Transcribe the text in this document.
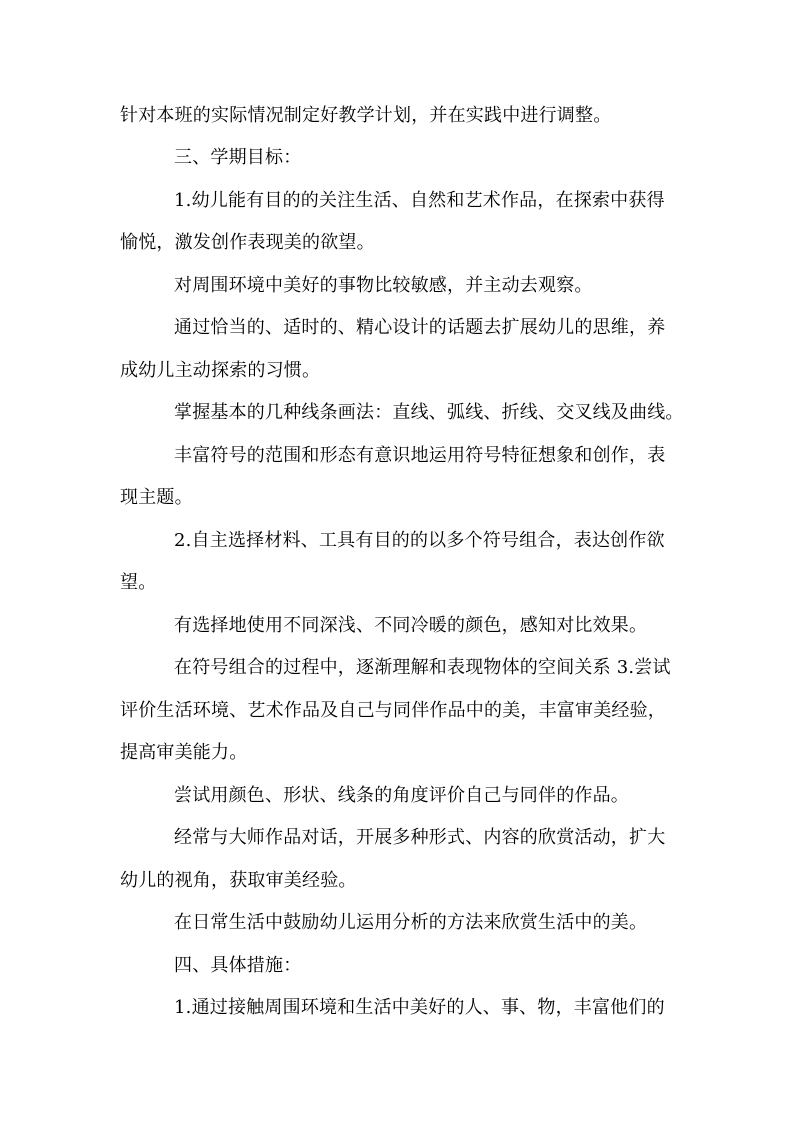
针对本班的实际情况制定好教学计划，并在实践中进行调整。
三、学期目标：
1.幼儿能有目的的关注生活、自然和艺术作品，在探索中获得
愉悦，激发创作表现美的欲望。
对周围环境中美好的事物比较敏感，并主动去观察。
通过恰当的、适时的、精心设计的话题去扩展幼儿的思维，养
成幼儿主动探索的习惯。
掌握基本的几种线条画法：直线、弧线、折线、交叉线及曲线。
丰富符号的范围和形态有意识地运用符号特征想象和创作，表
现主题。
2.自主选择材料、工具有目的的以多个符号组合，表达创作欲
望。
有选择地使用不同深浅、不同冷暖的颜色，感知对比效果。
在符号组合的过程中，逐渐理解和表现物体的空间关系 3.尝试
评价生活环境、艺术作品及自己与同伴作品中的美，丰富审美经验，
提高审美能力。
尝试用颜色、形状、线条的角度评价自己与同伴的作品。
经常与大师作品对话，开展多种形式、内容的欣赏活动，扩大
幼儿的视角，获取审美经验。
在日常生活中鼓励幼儿运用分析的方法来欣赏生活中的美。
四、具体措施：
1.通过接触周围环境和生活中美好的人、事、物，丰富他们的
